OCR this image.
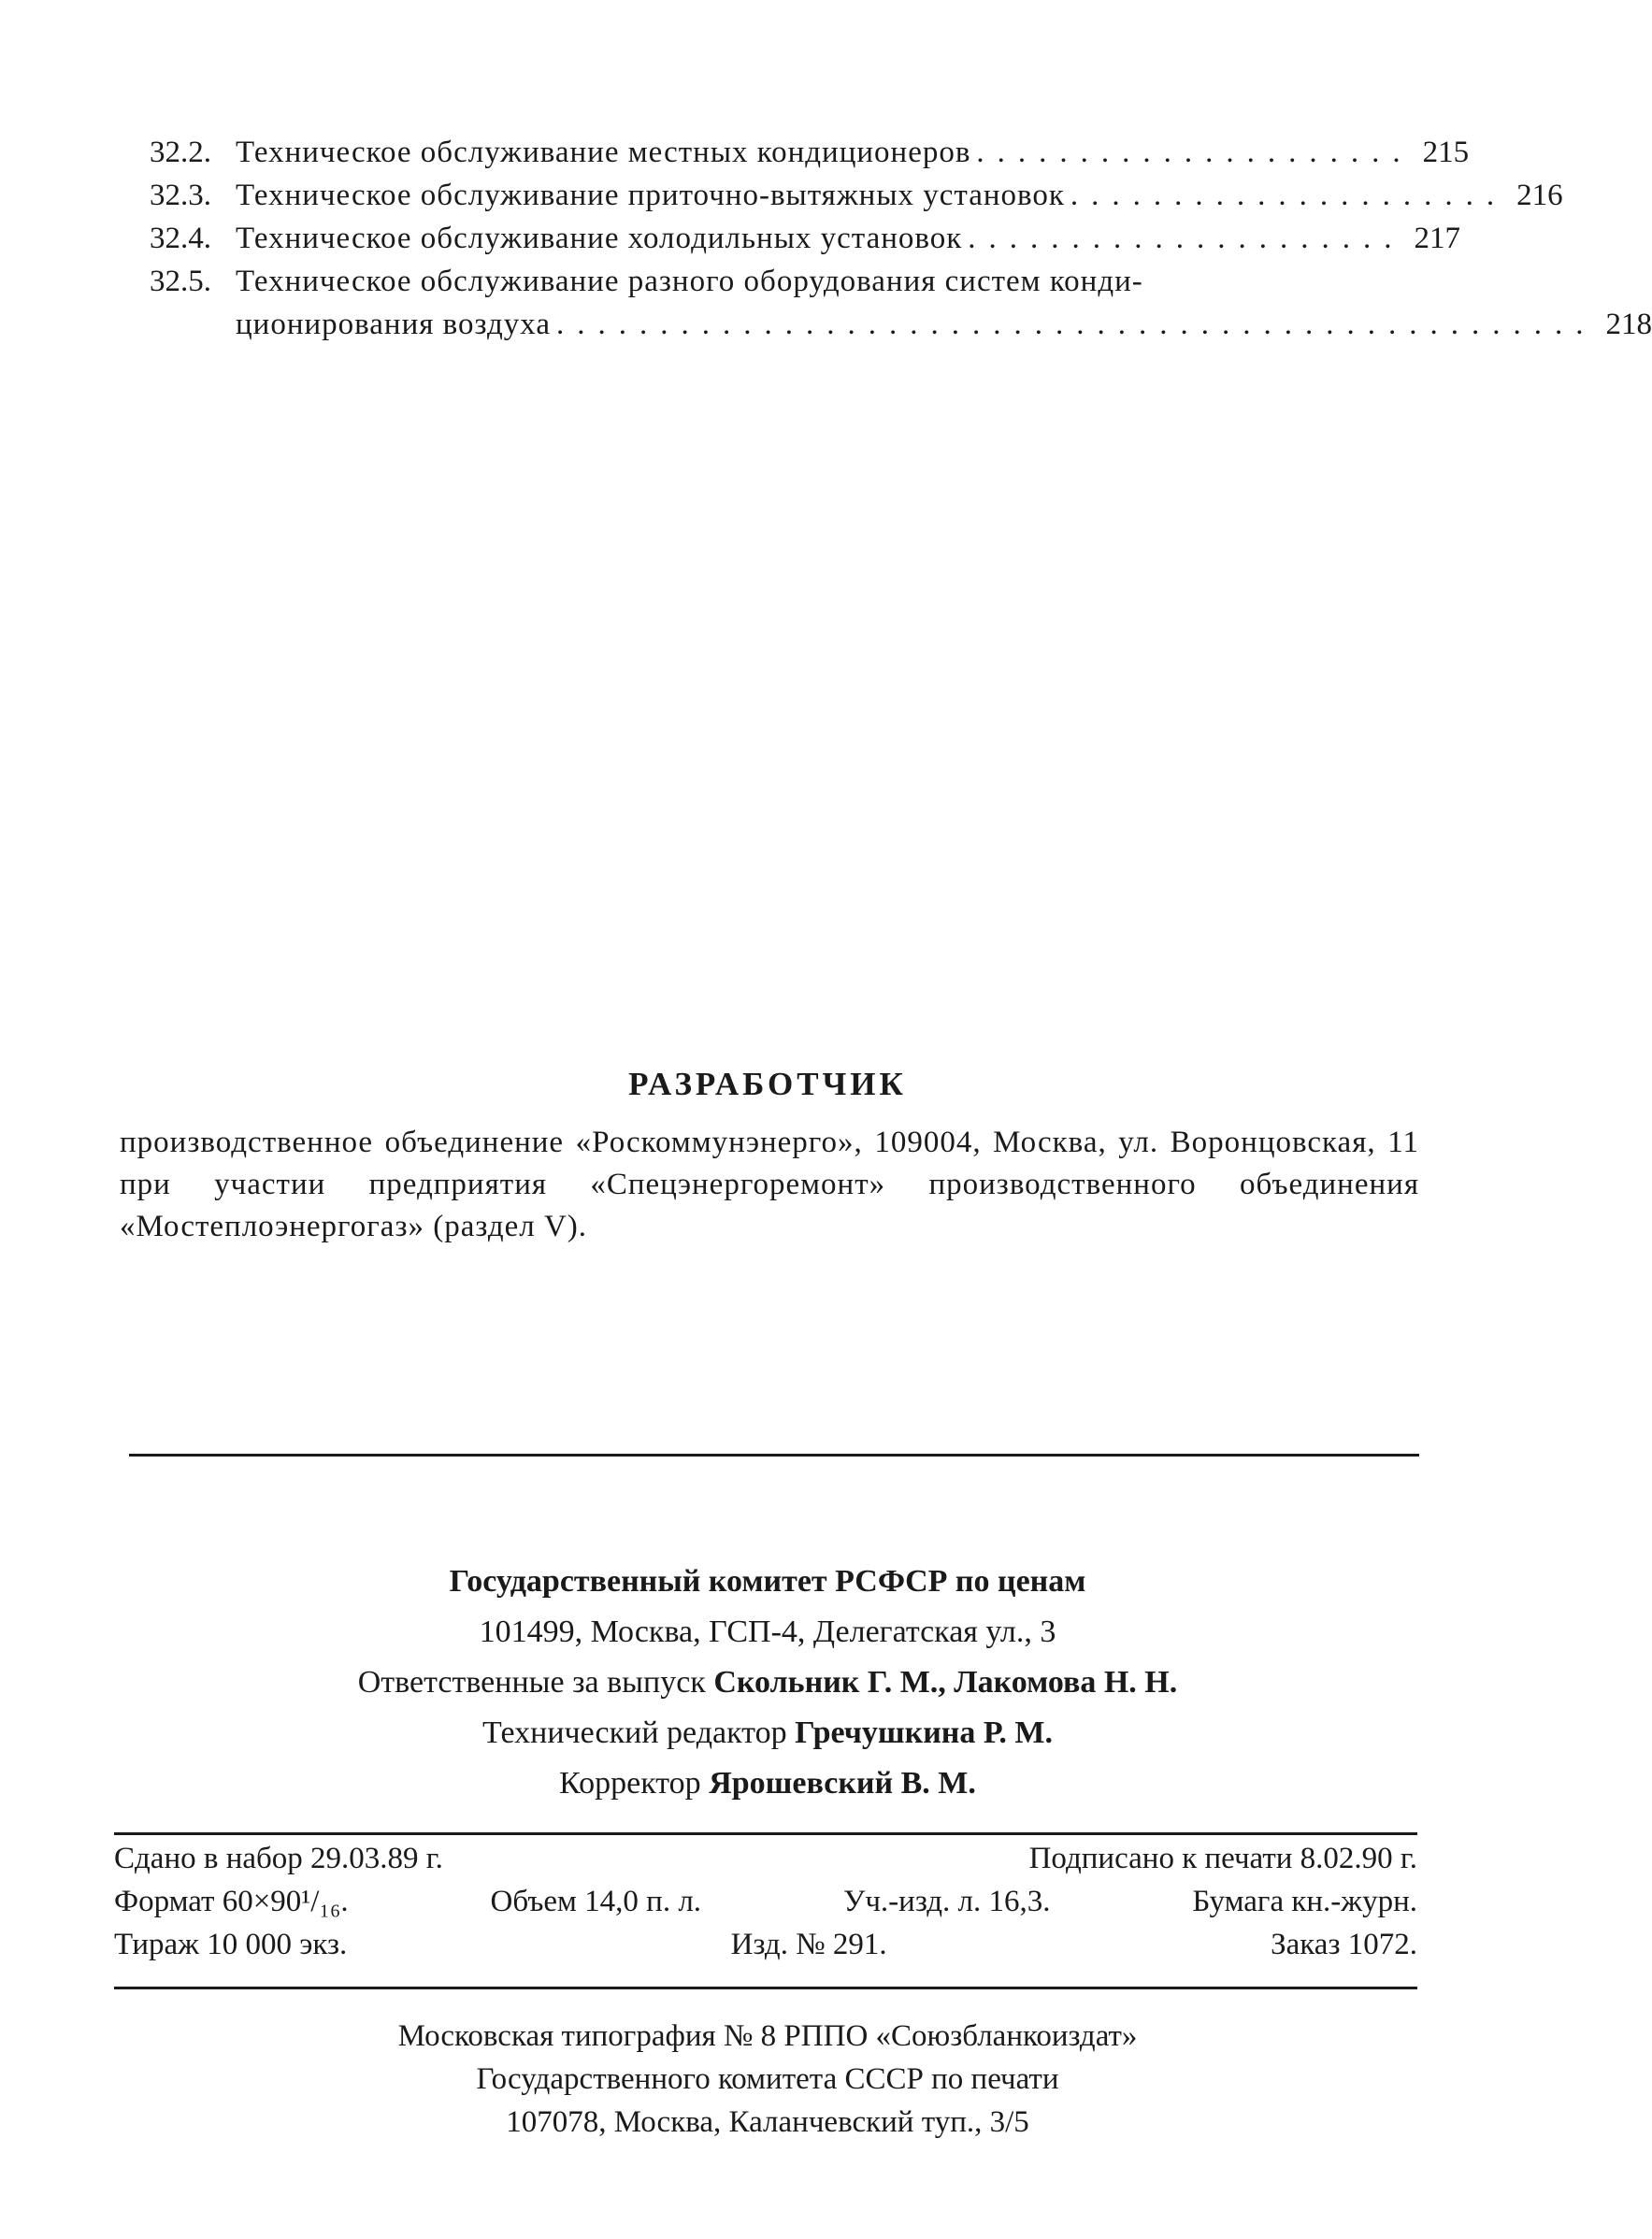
32.2. Техническое обслуживание местных кондиционеров ..................... 215
32.3. Техническое обслуживание приточно-вытяжных установок ..................... 216
32.4. Техническое обслуживание холодильных установок ..................... 217
32.5. Техническое обслуживание разного оборудования систем конди-
ционирования воздуха .................................................. 218
РАЗРАБОТЧИК
производственное объединение «Роскоммунэнерго», 109004, Москва, ул. Воронцовская, 11 при участии предприятия «Спецэнергоремонт» производственного объединения «Мостеплоэнергогаз» (раздел V).
Государственный комитет РСФСР по ценам
101499, Москва, ГСП-4, Делегатская ул., 3
Ответственные за выпуск Скольник Г. М., Лакомова Н. Н.
Технический редактор Гречушкина Р. М.
Корректор Ярошевский В. М.
Сдано в набор 29.03.89 г.	Подписано к печати 8.02.90 г.
Формат 60×90¹/₁₆.	Объем 14,0 п. л.	Уч.-изд. л. 16,3.	Бумага кн.-журн.
Тираж 10 000 экз.	Изд. № 291.	Заказ 1072.
Московская типография № 8 РППО «Союзбланкоиздат»
Государственного комитета СССР по печати
107078, Москва, Каланчевский туп., 3/5
